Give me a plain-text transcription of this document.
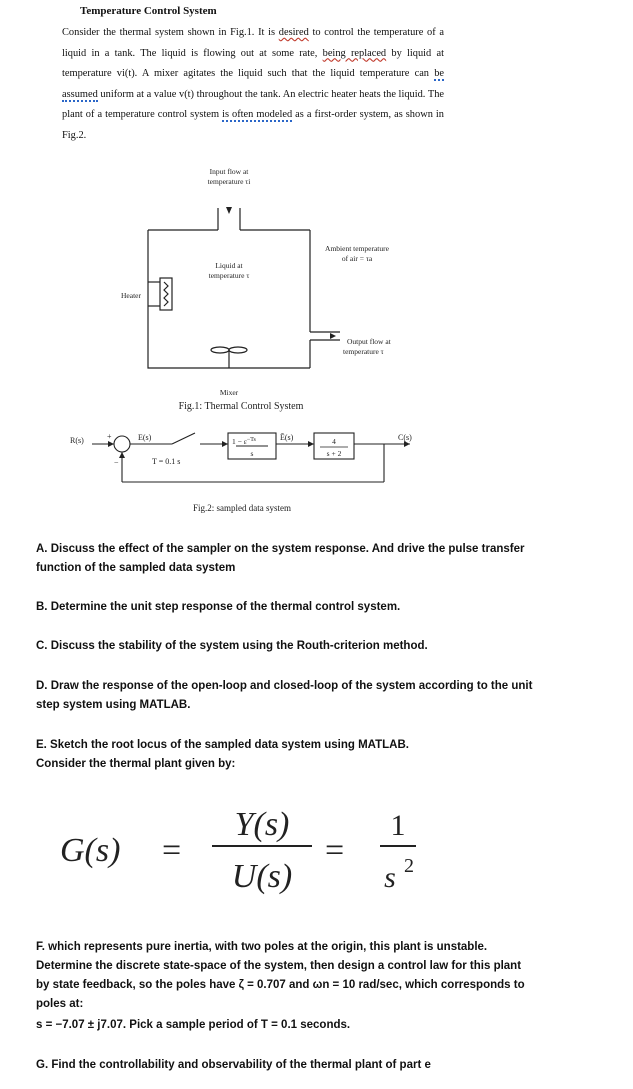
Temperature Control System
Consider the thermal system shown in Fig.1. It is desired to control the temperature of a liquid in a tank. The liquid is flowing out at some rate, being replaced by liquid at temperature vi(t). A mixer agitates the liquid such that the liquid temperature can be assumed uniform at a value v(t) throughout the tank. An electric heater heats the liquid. The plant of a temperature control system is often modeled as a first-order system, as shown in Fig.2.
Input flow at
temperature τi
Liquid at
temperature τ
Ambient temperature
of air = τa
Heater
Output flow at
temperature τ
Mixer
Fig.1: Thermal Control System
R(s)	+
−
E(s)
T = 0.1 s
$1 - \varepsilon^{-Ts}$
s
Ē(s)	4
s + 2
C(s)
Fig.2: sampled data system
A. Discuss the effect of the sampler on the system response. And drive the pulse transfer function of the sampled data system
B. Determine the unit step response of the thermal control system.
C. Discuss the stability of the system using the Routh-criterion method.
D. Draw the response of the open-loop and closed-loop of the system according to the unit step system using MATLAB.
E. Sketch the root locus of the sampled data system using MATLAB.
Consider the thermal plant given by:
G(s) =
Y(s)
U(s)
=
1
s 2
F. which represents pure inertia, with two poles at the origin, this plant is unstable. Determine the discrete state-space of the system, then design a control law for this plant by state feedback, so the poles have ζ = 0.707 and ωn = 10 rad/sec, which corresponds to poles at:
s = −7.07 ± j7.07. Pick a sample period of T = 0.1 seconds.
G. Find the controllability and observability of the thermal plant of part e
